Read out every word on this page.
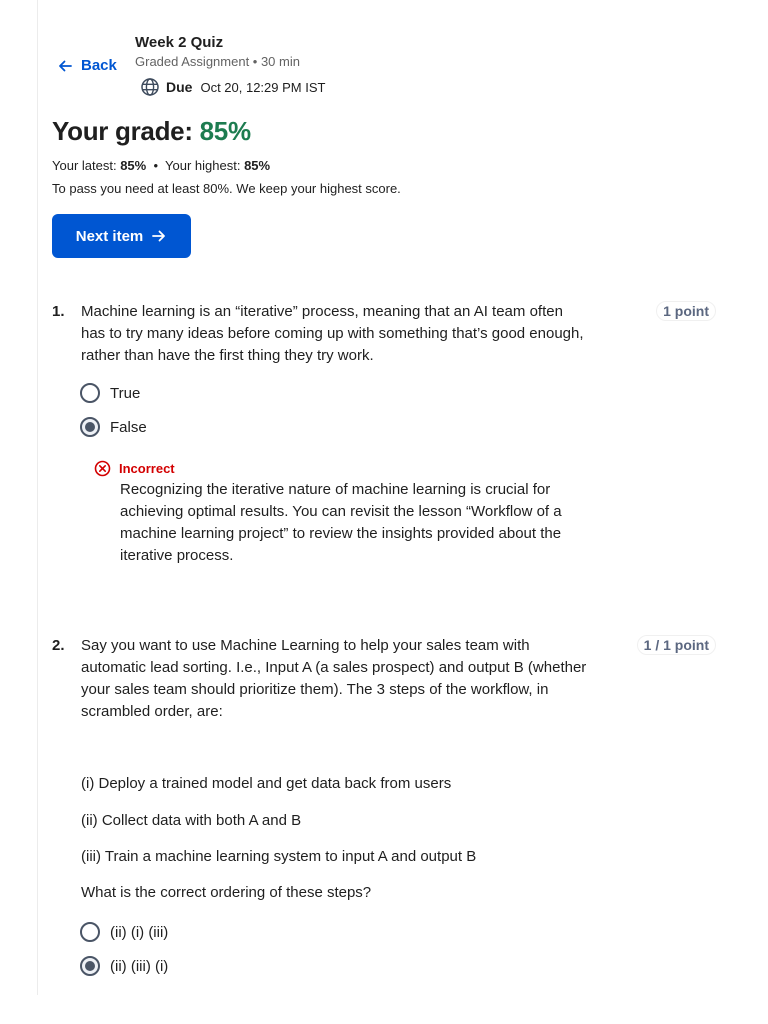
Back
Week 2 Quiz
Graded Assignment • 30 min
Due Oct 20, 12:29 PM IST
Your grade: 85%
Your latest: 85% • Your highest: 85%
To pass you need at least 80%. We keep your highest score.
Next item
1. Machine learning is an “iterative” process, meaning that an AI team often has to try many ideas before coming up with something that’s good enough, rather than have the first thing they try work.
1 point
True
False
Incorrect
Recognizing the iterative nature of machine learning is crucial for achieving optimal results. You can revisit the lesson “Workflow of a machine learning project” to review the insights provided about the iterative process.
2. Say you want to use Machine Learning to help your sales team with automatic lead sorting. I.e., Input A (a sales prospect) and output B (whether your sales team should prioritize them). The 3 steps of the workflow, in scrambled order, are:
1 / 1 point
(i) Deploy a trained model and get data back from users
(ii) Collect data with both A and B
(iii) Train a machine learning system to input A and output B
What is the correct ordering of these steps?
(ii) (i) (iii)
(ii) (iii) (i)
